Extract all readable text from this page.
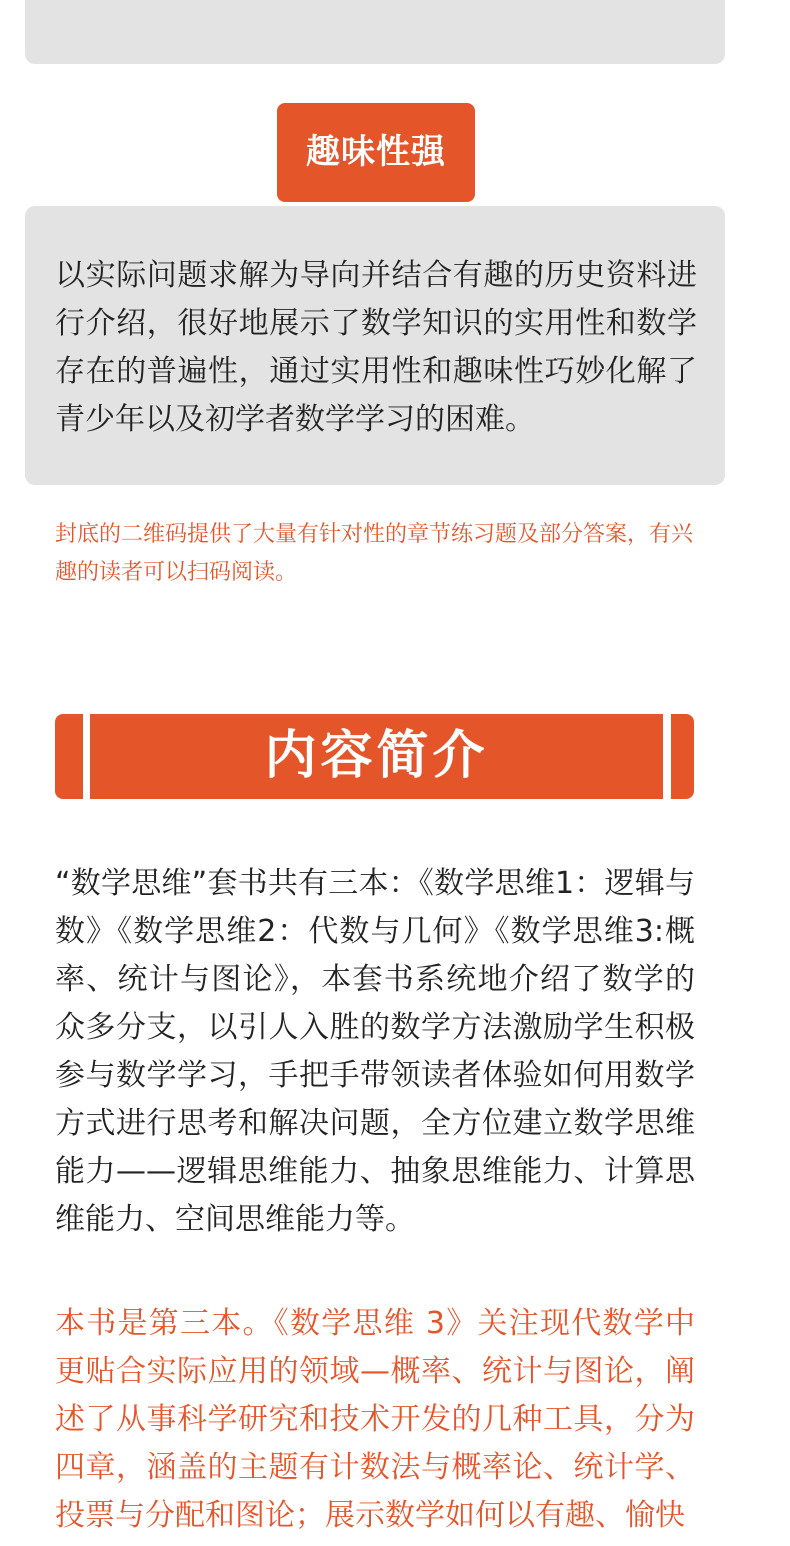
趣味性强
以实际问题求解为导向并结合有趣的历史资料进行介绍，很好地展示了数学知识的实用性和数学存在的普遍性，通过实用性和趣味性巧妙化解了青少年以及初学者数学学习的困难。
封底的二维码提供了大量有针对性的章节练习题及部分答案，有兴趣的读者可以扫码阅读。
内容简介
“数学思维”套书共有三本：《数学思维1：逻辑与数》《数学思维2：代数与几何》《数学思维3:概率、统计与图论》，本套书系统地介绍了数学的众多分支，以引人入胜的数学方法激励学生积极参与数学学习，手把手带领读者体验如何用数学方式进行思考和解决问题，全方位建立数学思维能力——逻辑思维能力、抽象思维能力、计算思维能力、空间思维能力等。
本书是第三本。《数学思维 3》关注现代数学中更贴合实际应用的领域—概率、统计与图论，阐述了从事科学研究和技术开发的几种工具，分为四章，涵盖的主题有计数法与概率论、统计学、投票与分配和图论；展示数学如何以有趣、愉快
